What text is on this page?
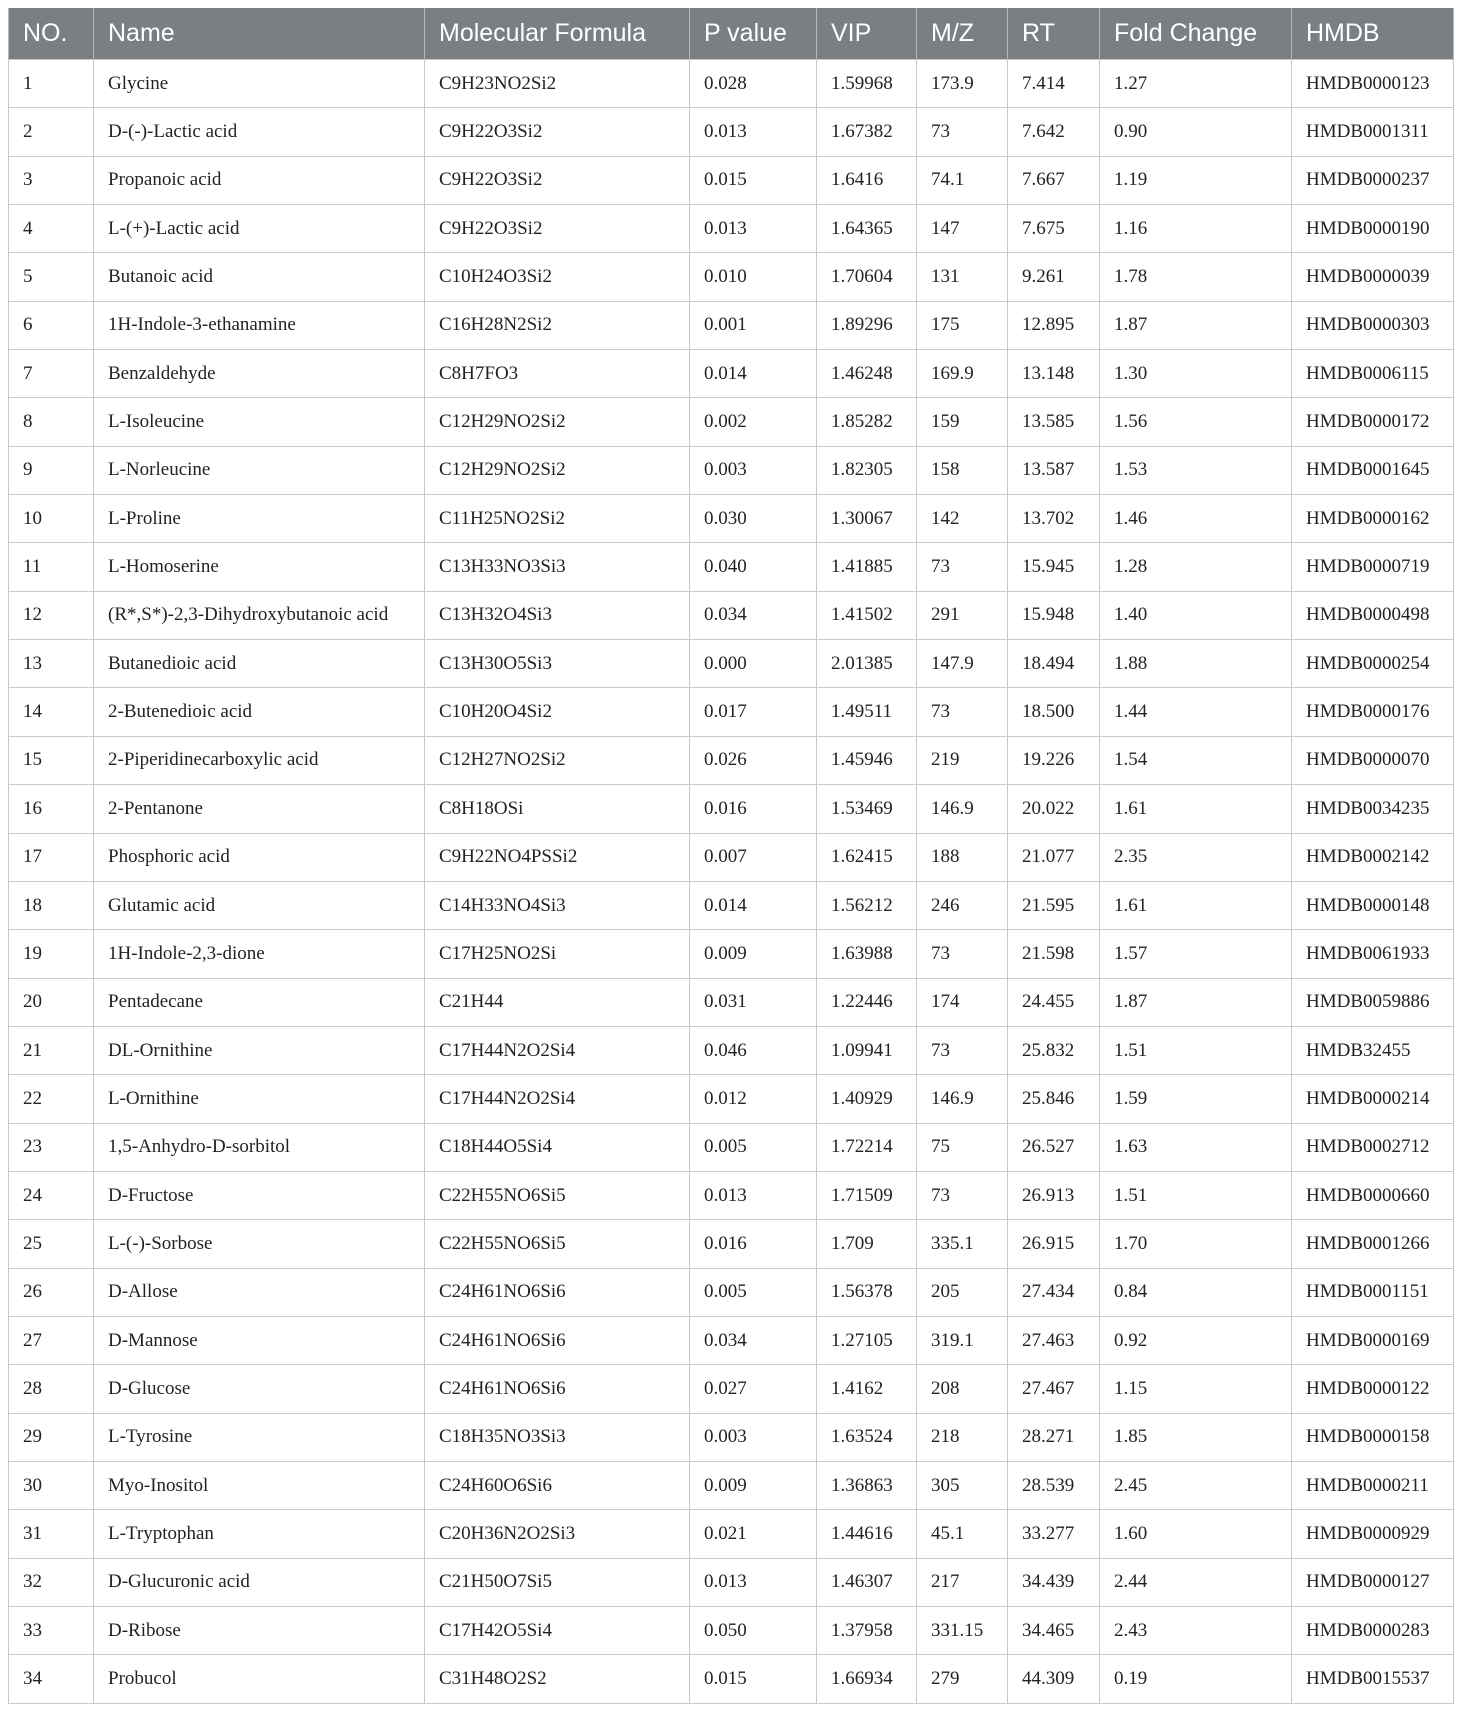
NO.	Name	Molecular Formula	P value	VIP	M/Z	RT	Fold Change	HMDB
1	Glycine	C9H23NO2Si2	0.028	1.59968	173.9	7.414	1.27	HMDB0000123
2	D-(-)-Lactic acid	C9H22O3Si2	0.013	1.67382	73	7.642	0.90	HMDB0001311
3	Propanoic acid	C9H22O3Si2	0.015	1.6416	74.1	7.667	1.19	HMDB0000237
4	L-(+)-Lactic acid	C9H22O3Si2	0.013	1.64365	147	7.675	1.16	HMDB0000190
5	Butanoic acid	C10H24O3Si2	0.010	1.70604	131	9.261	1.78	HMDB0000039
6	1H-Indole-3-ethanamine	C16H28N2Si2	0.001	1.89296	175	12.895	1.87	HMDB0000303
7	Benzaldehyde	C8H7FO3	0.014	1.46248	169.9	13.148	1.30	HMDB0006115
8	L-Isoleucine	C12H29NO2Si2	0.002	1.85282	159	13.585	1.56	HMDB0000172
9	L-Norleucine	C12H29NO2Si2	0.003	1.82305	158	13.587	1.53	HMDB0001645
10	L-Proline	C11H25NO2Si2	0.030	1.30067	142	13.702	1.46	HMDB0000162
11	L-Homoserine	C13H33NO3Si3	0.040	1.41885	73	15.945	1.28	HMDB0000719
12	(R*,S*)-2,3-Dihydroxybutanoic acid	C13H32O4Si3	0.034	1.41502	291	15.948	1.40	HMDB0000498
13	Butanedioic acid	C13H30O5Si3	0.000	2.01385	147.9	18.494	1.88	HMDB0000254
14	2-Butenedioic acid	C10H20O4Si2	0.017	1.49511	73	18.500	1.44	HMDB0000176
15	2-Piperidinecarboxylic acid	C12H27NO2Si2	0.026	1.45946	219	19.226	1.54	HMDB0000070
16	2-Pentanone	C8H18OSi	0.016	1.53469	146.9	20.022	1.61	HMDB0034235
17	Phosphoric acid	C9H22NO4PSSi2	0.007	1.62415	188	21.077	2.35	HMDB0002142
18	Glutamic acid	C14H33NO4Si3	0.014	1.56212	246	21.595	1.61	HMDB0000148
19	1H-Indole-2,3-dione	C17H25NO2Si	0.009	1.63988	73	21.598	1.57	HMDB0061933
20	Pentadecane	C21H44	0.031	1.22446	174	24.455	1.87	HMDB0059886
21	DL-Ornithine	C17H44N2O2Si4	0.046	1.09941	73	25.832	1.51	HMDB32455
22	L-Ornithine	C17H44N2O2Si4	0.012	1.40929	146.9	25.846	1.59	HMDB0000214
23	1,5-Anhydro-D-sorbitol	C18H44O5Si4	0.005	1.72214	75	26.527	1.63	HMDB0002712
24	D-Fructose	C22H55NO6Si5	0.013	1.71509	73	26.913	1.51	HMDB0000660
25	L-(-)-Sorbose	C22H55NO6Si5	0.016	1.709	335.1	26.915	1.70	HMDB0001266
26	D-Allose	C24H61NO6Si6	0.005	1.56378	205	27.434	0.84	HMDB0001151
27	D-Mannose	C24H61NO6Si6	0.034	1.27105	319.1	27.463	0.92	HMDB0000169
28	D-Glucose	C24H61NO6Si6	0.027	1.4162	208	27.467	1.15	HMDB0000122
29	L-Tyrosine	C18H35NO3Si3	0.003	1.63524	218	28.271	1.85	HMDB0000158
30	Myo-Inositol	C24H60O6Si6	0.009	1.36863	305	28.539	2.45	HMDB0000211
31	L-Tryptophan	C20H36N2O2Si3	0.021	1.44616	45.1	33.277	1.60	HMDB0000929
32	D-Glucuronic acid	C21H50O7Si5	0.013	1.46307	217	34.439	2.44	HMDB0000127
33	D-Ribose	C17H42O5Si4	0.050	1.37958	331.15	34.465	2.43	HMDB0000283
34	Probucol	C31H48O2S2	0.015	1.66934	279	44.309	0.19	HMDB0015537
